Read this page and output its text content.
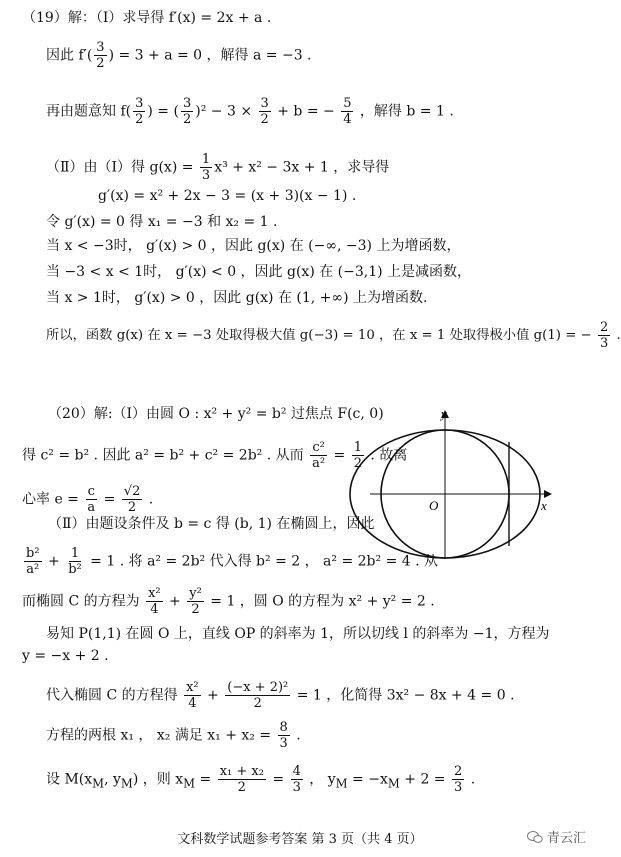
（19）解：（Ⅰ）求导得 f′(x) = 2x + a .
因此 $f'( \frac{3}{2}$ ) = 3 + a = 0 ，解得 a = −3 .
再由题意知 $f( \frac{3}{2}$ ) = ( $\frac{3}{2} )^2 - 3 \times \frac{3}{2} + b$ = − $\frac{5}{4}$ ，解得 b = 1 .
（Ⅱ）由（Ⅰ）得 $g(x) = \frac{1}{3} x^3 + x^2 - 3x + 1$ ，求导得
g′(x) = x² + 2x − 3 = (x + 3)(x − 1) .
令 g′(x) = 0 得 x₁ = −3 和 x₂ = 1 .
当 x < −3时， g′(x) > 0 ，因此 g(x) 在 (−∞, −3) 上为增函数，
当 −3 < x < 1时， g′(x) < 0 ，因此 g(x) 在 (−3,1) 上是减函数，
当 x > 1时， g′(x) > 0 ，因此 g(x) 在 (1, +∞) 上为增函数.
所以，函数 g(x) 在 x = −3 处取得极大值 g(−3) = 10 ，在 x = 1 处取得极小值 g(1) = − $\frac{2}{3}$ .
（20）解:（Ⅰ）由圆 O : x² + y² = b² 过焦点 F(c, 0)
得 c² = b² . 因此 a² = b² + c² = 2b² . 从而 $\frac{\text{c²}}{\text{a²}} = \frac{1}{2}$ . 故离
心率 $e = \frac{c}{a} = \frac{√2}{2}$ .
（Ⅱ）由题设条件及 b = c 得 (b, 1) 在椭圆上，因此
$\frac{\text{b²}}{\text{a²}} + \frac{1}{\text{b²}} = 1$ . 将 a² = 2b² 代入得 b² = 2 ， a² = 2b² = 4 . 从
而椭圆 C 的方程为 $\frac{\text{x²}}{4} + \frac{\text{y²}}{2} = 1$ ，圆 O 的方程为 x² + y² = 2 .
易知 P(1,1) 在圆 O 上，直线 OP 的斜率为 1，所以切线 l 的斜率为 −1，方程为
y = −x + 2 .
代入椭圆 C 的方程得 $\frac{\text{x²}}{4} + \frac{\text{(−x + 2)²}}{2} = 1$ ，化简得 3x² − 8x + 4 = 0 .
方程的两根 x₁ ， x₂ 满足 $x_1 + x_2 = \frac{8}{3}$ .
设 $M(x_M$, $y_M$) ，则 $x_M = \frac{\text{x₁ + x₂}}{2} = \frac{4}{3}$ ， $y_M = -x_M + 2 = \frac{2}{3}$ .
y
x
O
文科数学试题参考答案 第 3 页（共 4 页）	青云汇
